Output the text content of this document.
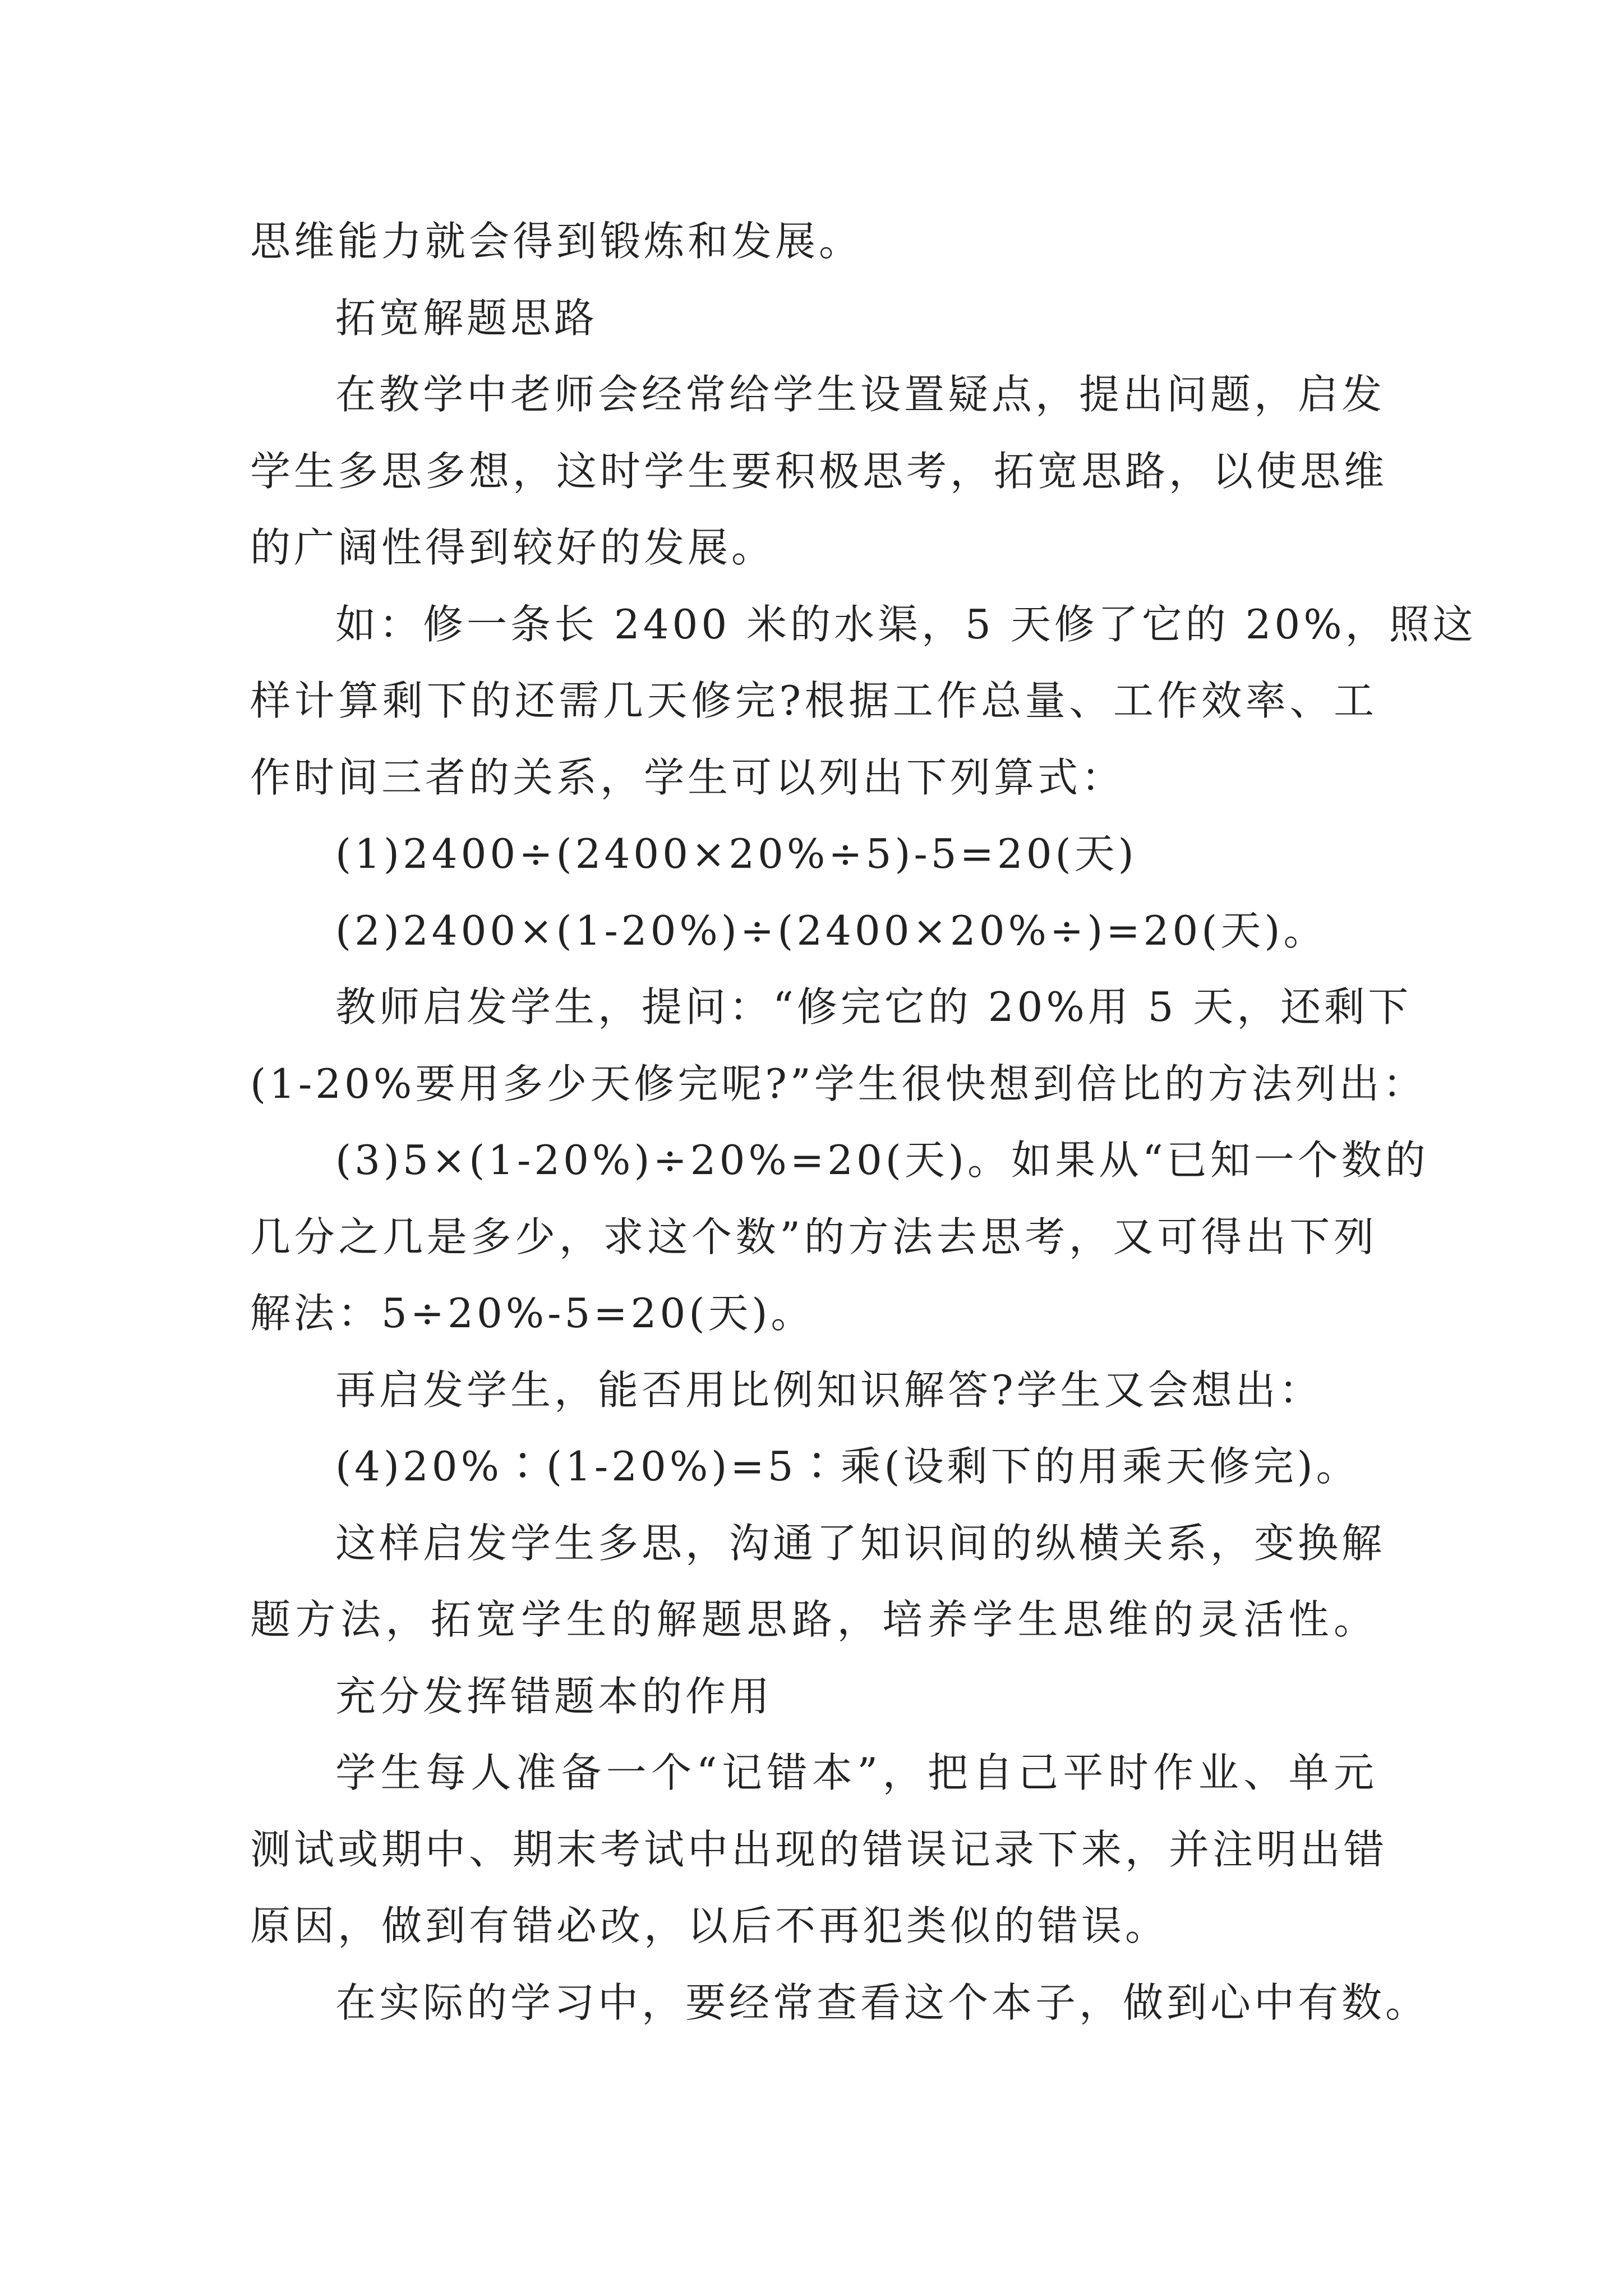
思维能力就会得到锻炼和发展。
拓宽解题思路
在教学中老师会经常给学生设置疑点，提出问题，启发
学生多思多想，这时学生要积极思考，拓宽思路，以使思维
的广阔性得到较好的发展。
如：修一条长 2400 米的水渠，5 天修了它的 20%，照这
样计算剩下的还需几天修完?根据工作总量、工作效率、工
作时间三者的关系，学生可以列出下列算式：
(1)2400÷(2400×20%÷5)-5=20(天)
(2)2400×(1-20%)÷(2400×20%÷)=20(天)。
教师启发学生，提问：“修完它的 20%用 5 天，还剩下
(1-20%要用多少天修完呢?”学生很快想到倍比的方法列出：
(3)5×(1-20%)÷20%=20(天)。如果从“已知一个数的
几分之几是多少，求这个数”的方法去思考，又可得出下列
解法：5÷20%-5=20(天)。
再启发学生，能否用比例知识解答?学生又会想出：
(4)20%∶(1-20%)=5∶乘(设剩下的用乘天修完)。
这样启发学生多思，沟通了知识间的纵横关系，变换解
题方法，拓宽学生的解题思路，培养学生思维的灵活性。
充分发挥错题本的作用
学生每人准备一个“记错本”，把自己平时作业、单元
测试或期中、期末考试中出现的错误记录下来，并注明出错
原因，做到有错必改，以后不再犯类似的错误。
在实际的学习中，要经常查看这个本子，做到心中有数。
